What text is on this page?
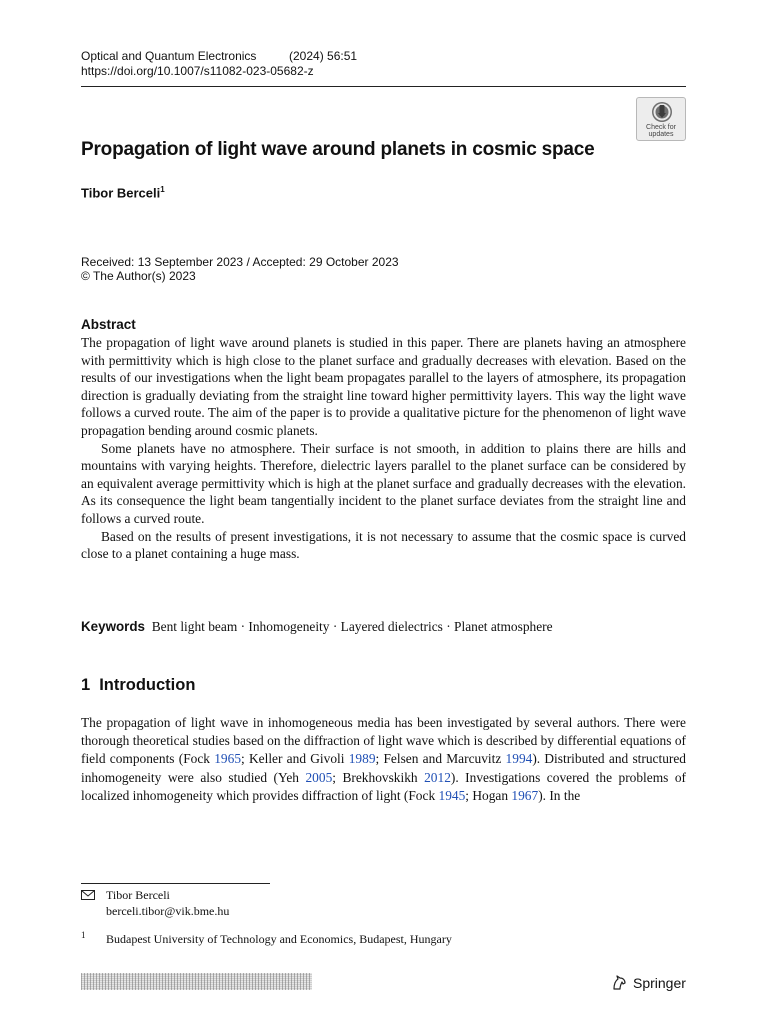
Optical and Quantum Electronics	(2024) 56:51
https://doi.org/10.1007/s11082-023-05682-z
Check for
updates
Propagation of light wave around planets in cosmic space
Tibor Berceli$^1$
Received: 13 September 2023 / Accepted: 29 October 2023
© The Author(s) 2023
Abstract

The propagation of light wave around planets is studied in this paper. There are planets having an atmosphere with permittivity which is high close to the planet surface and gradually decreases with elevation. Based on the results of our investigations when the light beam propagates parallel to the layers of atmosphere, its propagation direction is gradually deviating from the straight line toward higher permittivity layers. This way the light wave follows a curved route. The aim of the paper is to provide a qualitative picture for the phenomenon of light wave propagation bending around cosmic planets.

Some planets have no atmosphere. Their surface is not smooth, in addition to plains there are hills and mountains with varying heights. Therefore, dielectric layers parallel to the planet surface can be considered by an equivalent average permittivity which is high at the planet surface and gradually decreases with the elevation. As its consequence the light beam tangentially incident to the planet surface deviates from the straight line and follows a curved route.

Based on the results of present investigations, it is not necessary to assume that the cosmic space is curved close to a planet containing a huge mass.

Keywords Bent light beam · Inhomogeneity · Layered dielectrics · Planet atmosphere
1 Introduction
The propagation of light wave in inhomogeneous media has been investigated by several authors. There were thorough theoretical studies based on the diffraction of light wave which is described by differential equations of field components (Fock 1965; Keller and Givoli 1989; Felsen and Marcuvitz 1994). Distributed and structured inhomogeneity were also studied (Yeh 2005; Brekhovskikh 2012). Investigations covered the problems of localized inhomogeneity which provides diffraction of light (Fock 1945; Hogan 1967). In the
Tibor Berceli
berceli.tibor@vik.bme.hu
1 Budapest University of Technology and Economics, Budapest, Hungary
Springer
